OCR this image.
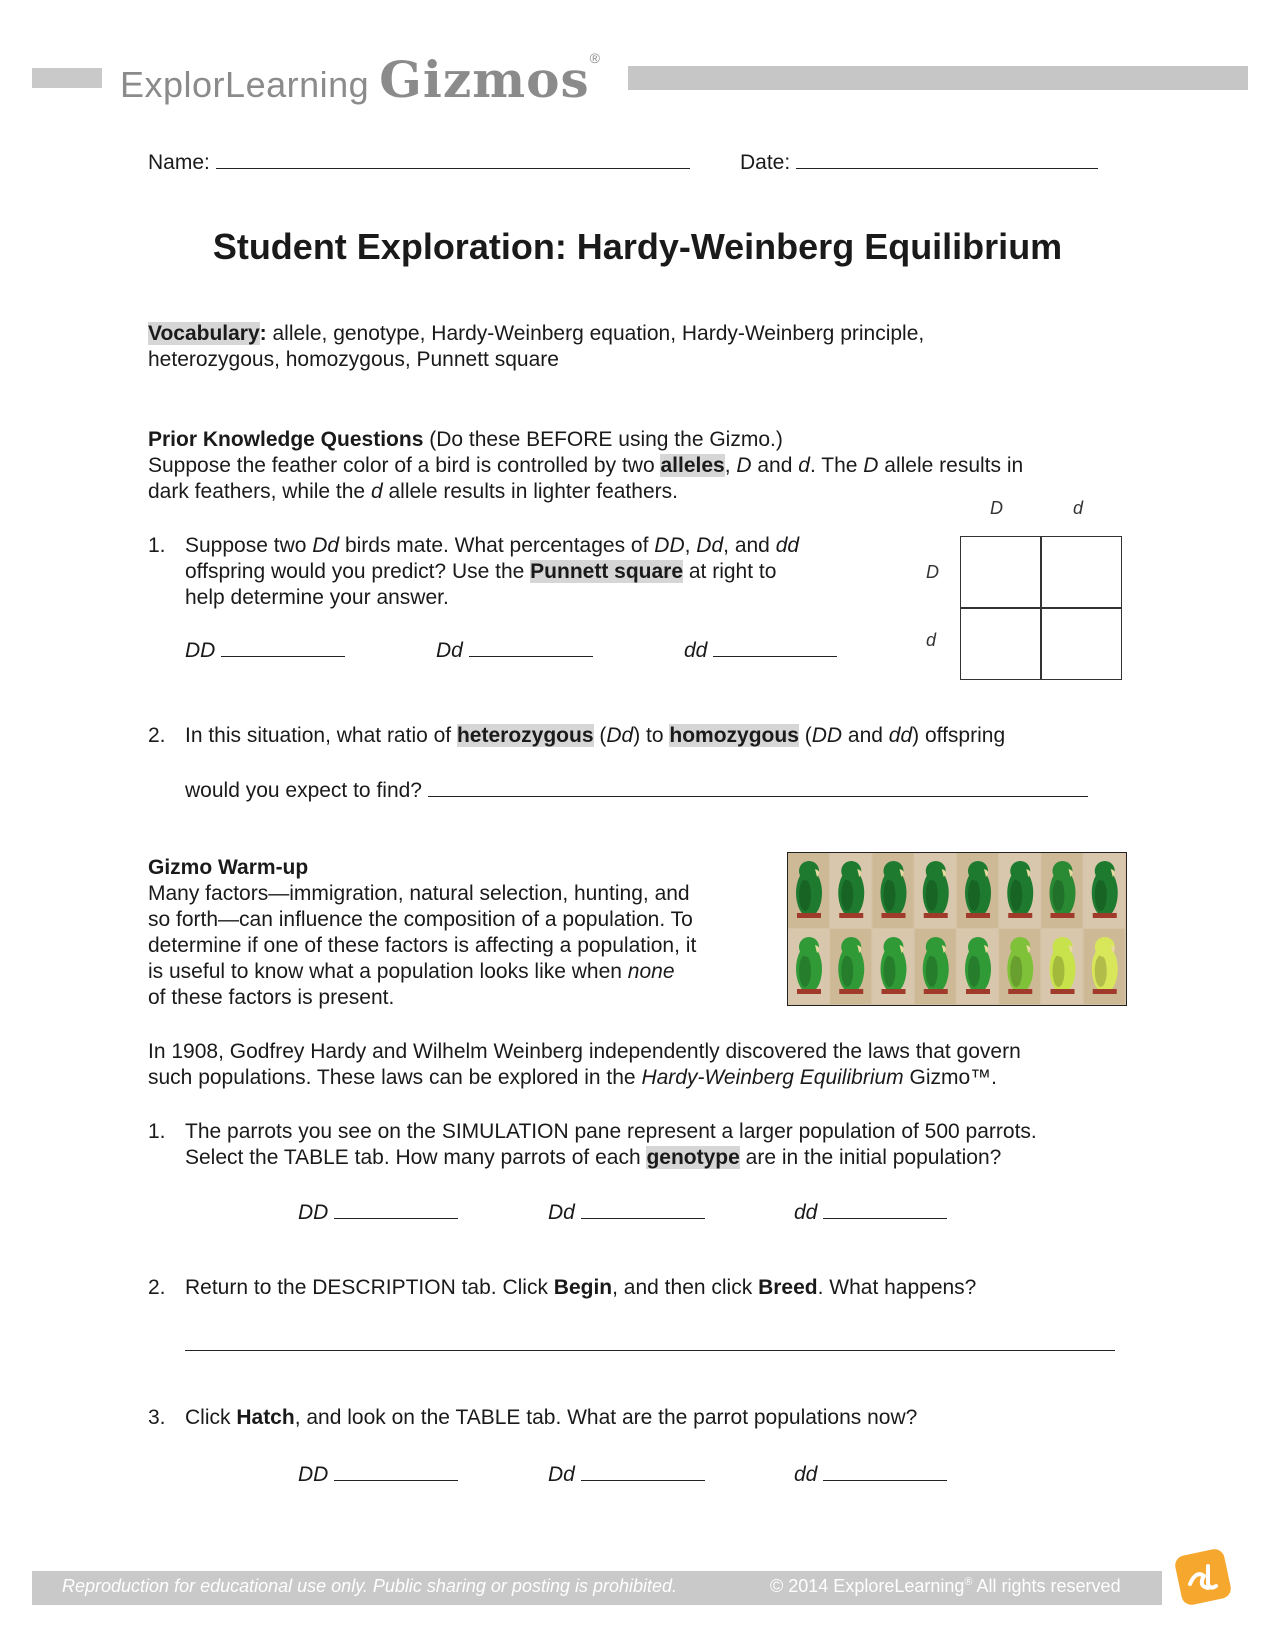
ExplorLearning Gizmos®
Name:	Date:
Student Exploration: Hardy-Weinberg Equilibrium
Vocabulary: allele, genotype, Hardy-Weinberg equation, Hardy-Weinberg principle,
heterozygous, homozygous, Punnett square
Prior Knowledge Questions (Do these BEFORE using the Gizmo.)
Suppose the feather color of a bird is controlled by two alleles, D and d. The D allele results in
dark feathers, while the d allele results in lighter feathers.
1. Suppose two Dd birds mate. What percentages of DD, Dd, and dd
offspring would you predict? Use the Punnett square at right to
help determine your answer.
DD	Dd	dd
D	d
D
d
2. In this situation, what ratio of heterozygous (Dd) to homozygous (DD and dd) offspring
would you expect to find?
Gizmo Warm-up
Many factors—immigration, natural selection, hunting, and
so forth—can influence the composition of a population. To
determine if one of these factors is affecting a population, it
is useful to know what a population looks like when none
of these factors is present.
In 1908, Godfrey Hardy and Wilhelm Weinberg independently discovered the laws that govern
such populations. These laws can be explored in the Hardy-Weinberg Equilibrium Gizmo™.
1. The parrots you see on the SIMULATION pane represent a larger population of 500 parrots.
Select the TABLE tab. How many parrots of each genotype are in the initial population?
DD	Dd	dd
2. Return to the DESCRIPTION tab. Click Begin, and then click Breed. What happens?
3. Click Hatch, and look on the TABLE tab. What are the parrot populations now?
DD	Dd	dd
Reproduction for educational use only. Public sharing or posting is prohibited.	© 2014 ExploreLearning® All rights reserved
